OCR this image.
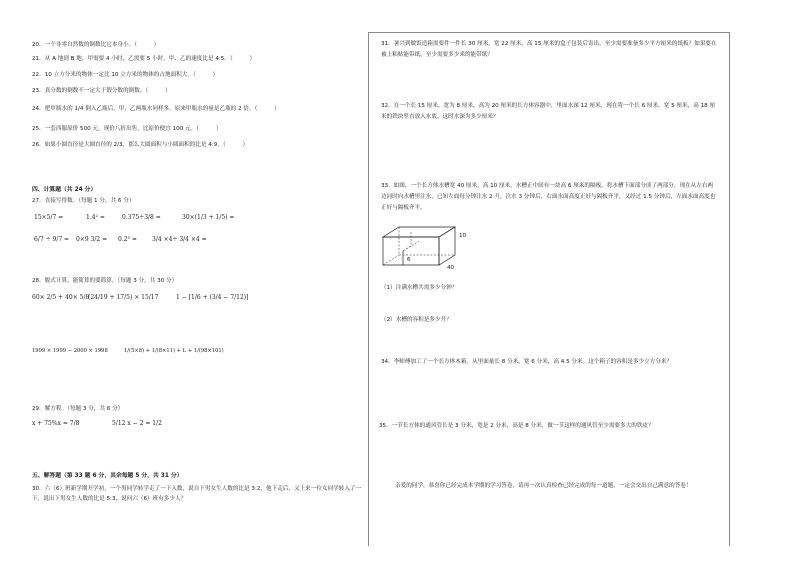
20．一个非零自然数的倒数比它本身小。（　　　）
21．从 A 地到 B 地，甲需要 4 小时，乙需要 5 小时，甲、乙的速度比是 4:5。（　　　）
22．10 立方分米的物体一定比 10 立方米的物体的占地面积大。（　　　）
23．真分数的倒数不一定大于假分数的倒数。（　　　）
24．把甲瓶水的 1/4 倒入乙瓶后，甲、乙两瓶水同样多，原来甲瓶水的量是乙瓶的 2 倍。（　　　）
25．一套西服原价 500 元，现价八折出售，比原价便宜 100 元。（　　　）
26．如果小圆直径是大圆直径的 2/3，那么大圆面积与小圆面积的比是 4:9。（　　　）
四、计算题（共 24 分）
27．直接写得数。（每题 1 分，共 6 分）
15×5/7 =	1.4² =	0.375÷3/8 =	30×(1/3 + 1/5) =
6/7 ÷ 9/7 = 0×9 3/2 = 0.2³ =	3/4 ×4÷ 3/4 ×4 =
28．脱式计算，能简算的要简算。（每题 3 分，共 30 分）
60× 2/5 + 40× 5/8
(24/19 + 17/5) × 15/17	1 − [1/6 + (3/4 − 7/12)]
1999 × 1999 − 2000 × 1998	1/(5×8) + 1/(8×11) + L + 1/(98×101)
29．解方程。（每题 3 分，共 6 分）
x + 75%x = 7/8	5/12 x − 2 = 1/2
五、解答题（第 33 题 6 分，其余每题 5 分，共 31 分）
30．六（6）班新学期开学初，一个男同学转学走了一下入数，说自下男女生人数的比是 3:2，他下走后，又上来一位女同学转入了一下，说出下男女生人数的比是 5:3，说问六（6）班有多少人？
31．暑兴到做饭造箱需要件一件长 30 厘米，宽 22 厘米，高 15 厘米的盒子包装后寄出，至少需要准备多少平方厘米的纸板？如果要在被上粘贴能带纸，至少需要多少米的能带纸？
32．在一个长 15 厘米，宽为 8 厘米，高为 20 厘米的长方体容器中，里面水深 12 厘米，现在将一个长 6 厘米，宽 5 厘米，高 18 厘米的铁块竖直放入水底，这时水深为多少厘米？
33．如图，一个长方体水槽宽 40 厘米，高 10 厘米，水槽正中间有一块高 6 厘米的隔板，将水槽下面部分成了两部分，现在从左右两边同时向水槽里注水，已知左面每分钟注水 2 升，注水 3 分钟后，右面水面高度正好与隔板齐平，又经过 1.5 分钟后，左面水面高度也正好与隔板齐平。
10
6
40
（1）注满水槽共需多少分钟？
（2）水槽的容积是多少升？
34．李师傅加工了一个长方体木箱，从里面量长 8 分米，宽 6 分米，高 4.5 分米。这个箱子的容积是多少立方分米？
35．一节长方体的通风管长是 3 分米，宽是 2 分米，高是 8 分米，做一节这样的通风管至少需要多大的铁皮？
亲爱的同学，恭喜你已经完成本学期的学习答卷，请再一次认真检查已经完成的每一道题，一定会交出自己满意的答卷！
